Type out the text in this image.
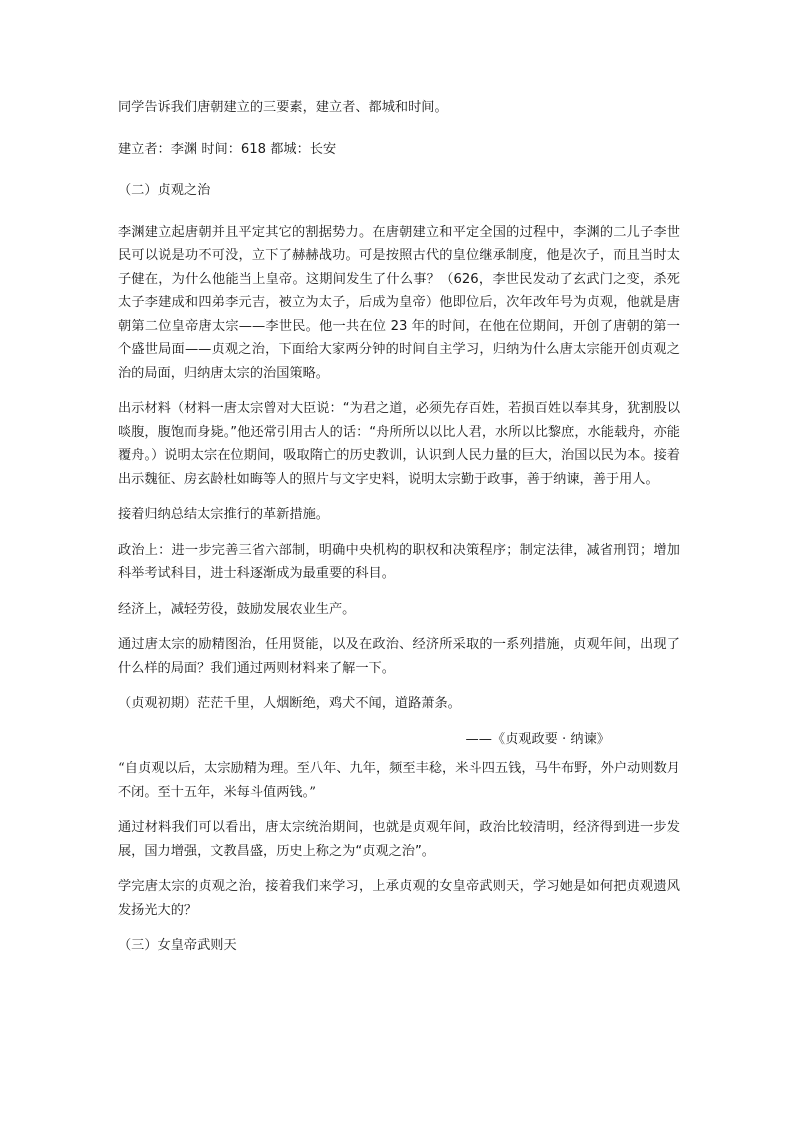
同学告诉我们唐朝建立的三要素，建立者、都城和时间。

建立者：李渊 时间：618 都城：长安

（二）贞观之治

李渊建立起唐朝并且平定其它的割据势力。在唐朝建立和平定全国的过程中，李渊的二儿子李世民可以说是功不可没，立下了赫赫战功。可是按照古代的皇位继承制度，他是次子，而且当时太子健在，为什么他能当上皇帝。这期间发生了什么事？（626，李世民发动了玄武门之变，杀死太子李建成和四弟李元吉，被立为太子，后成为皇帝）他即位后，次年改年号为贞观，他就是唐朝第二位皇帝唐太宗——李世民。他一共在位 23 年的时间，在他在位期间，开创了唐朝的第一个盛世局面——贞观之治，下面给大家两分钟的时间自主学习，归纳为什么唐太宗能开创贞观之治的局面，归纳唐太宗的治国策略。

出示材料（材料一唐太宗曾对大臣说：“为君之道，必须先存百姓，若损百姓以奉其身，犹割股以啖腹，腹饱而身毙。”他还常引用古人的话：“舟所所以以比人君，水所以比黎庶，水能载舟，亦能覆舟。）说明太宗在位期间，吸取隋亡的历史教训，认识到人民力量的巨大，治国以民为本。接着出示魏征、房玄龄杜如晦等人的照片与文字史料，说明太宗勤于政事，善于纳谏，善于用人。

接着归纳总结太宗推行的革新措施。

政治上：进一步完善三省六部制，明确中央机构的职权和决策程序；制定法律，减省刑罚；增加科举考试科目，进士科逐渐成为最重要的科目。

经济上，减轻劳役，鼓励发展农业生产。

通过唐太宗的励精图治，任用贤能，以及在政治、经济所采取的一系列措施，贞观年间，出现了什么样的局面？我们通过两则材料来了解一下。

（贞观初期）茫茫千里，人烟断绝，鸡犬不闻，道路萧条。

——《贞观政要 · 纳谏》

“自贞观以后，太宗励精为理。至八年、九年，频至丰稔，米斗四五钱，马牛布野，外户动则数月不闭。至十五年，米每斗值两钱。”

通过材料我们可以看出，唐太宗统治期间，也就是贞观年间，政治比较清明，经济得到进一步发展，国力增强，文教昌盛，历史上称之为“贞观之治”。

学完唐太宗的贞观之治，接着我们来学习，上承贞观的女皇帝武则天，学习她是如何把贞观遗风发扬光大的？

（三）女皇帝武则天
